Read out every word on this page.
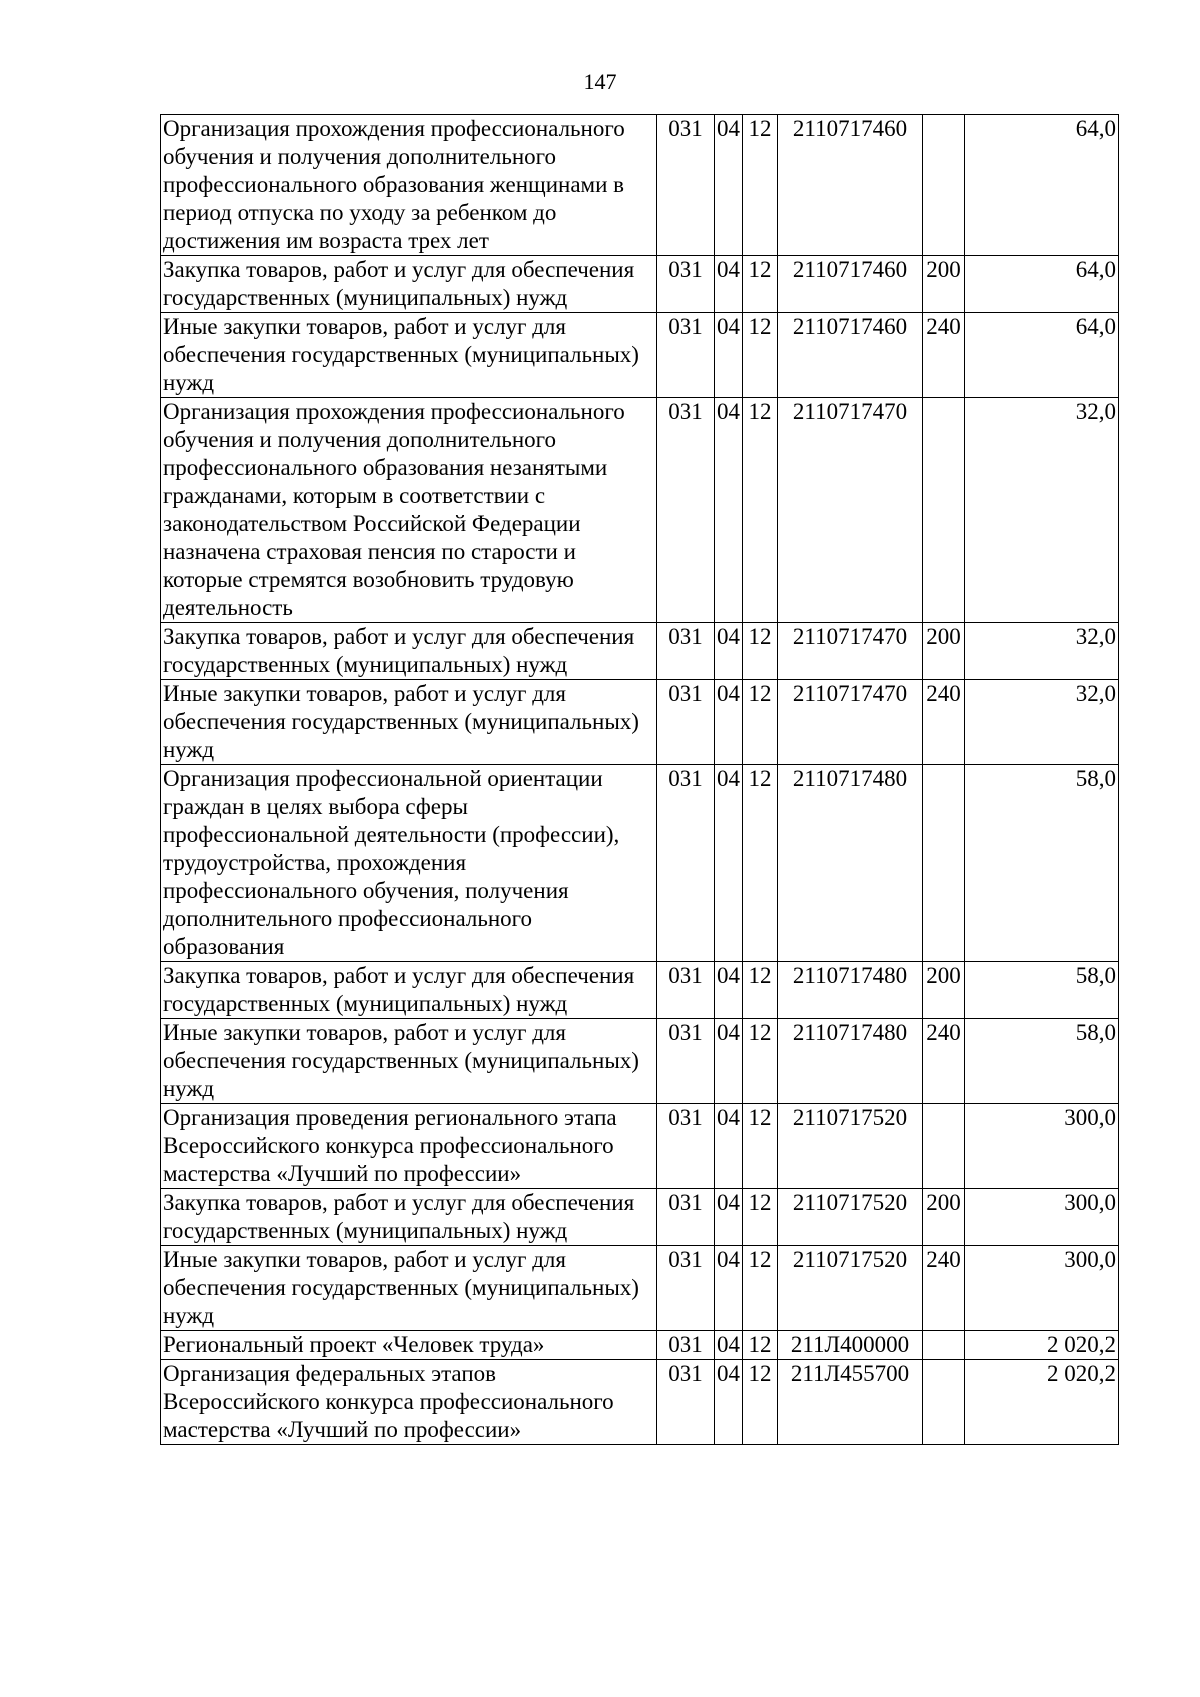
147
Организация прохождения профессионального обучения и получения дополнительного профессионального образования женщинами в период отпуска по уходу за ребенком до достижения им возраста трех лет	031	04	12	2110717460		64,0
Закупка товаров, работ и услуг для обеспечения государственных (муниципальных) нужд	031	04	12	2110717460	200	64,0
Иные закупки товаров, работ и услуг для обеспечения государственных (муниципальных) нужд	031	04	12	2110717460	240	64,0
Организация прохождения профессионального обучения и получения дополнительного профессионального образования незанятыми гражданами, которым в соответствии с законодательством Российской Федерации назначена страховая пенсия по старости и которые стремятся возобновить трудовую деятельность	031	04	12	2110717470		32,0
Закупка товаров, работ и услуг для обеспечения государственных (муниципальных) нужд	031	04	12	2110717470	200	32,0
Иные закупки товаров, работ и услуг для обеспечения государственных (муниципальных) нужд	031	04	12	2110717470	240	32,0
Организация профессиональной ориентации граждан в целях выбора сферы профессиональной деятельности (профессии), трудоустройства, прохождения профессионального обучения, получения дополнительного профессионального образования	031	04	12	2110717480		58,0
Закупка товаров, работ и услуг для обеспечения государственных (муниципальных) нужд	031	04	12	2110717480	200	58,0
Иные закупки товаров, работ и услуг для обеспечения государственных (муниципальных) нужд	031	04	12	2110717480	240	58,0
Организация проведения регионального этапа Всероссийского конкурса профессионального мастерства «Лучший по профессии»	031	04	12	2110717520		300,0
Закупка товаров, работ и услуг для обеспечения государственных (муниципальных) нужд	031	04	12	2110717520	200	300,0
Иные закупки товаров, работ и услуг для обеспечения государственных (муниципальных) нужд	031	04	12	2110717520	240	300,0
Региональный проект «Человек труда»	031	04	12	211Л400000		2 020,2
Организация федеральных этапов Всероссийского конкурса профессионального мастерства «Лучший по профессии»	031	04	12	211Л455700		2 020,2
